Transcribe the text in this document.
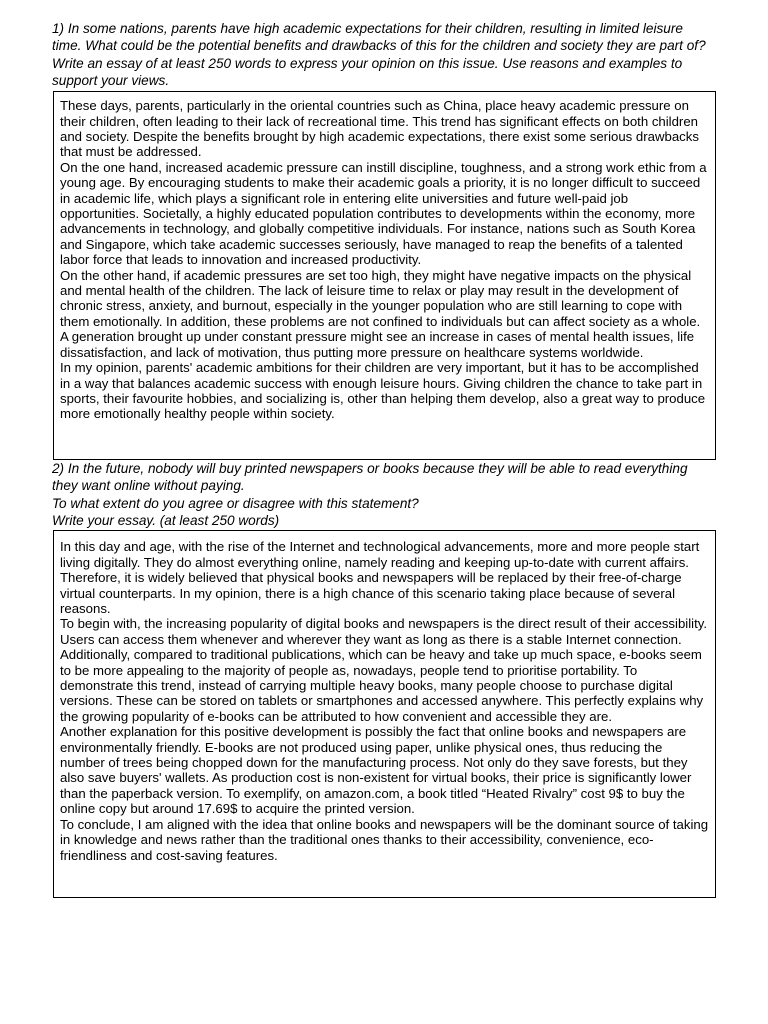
1) In some nations, parents have high academic expectations for their children, resulting in limited leisure time. What could be the potential benefits and drawbacks of this for the children and society they are part of?

Write an essay of at least 250 words to express your opinion on this issue. Use reasons and examples to support your views.

These days, parents, particularly in the oriental countries such as China, place heavy academic pressure on their children, often leading to their lack of recreational time. This trend has significant effects on both children and society. Despite the benefits brought by high academic expectations, there exist some serious drawbacks that must be addressed.

On the one hand, increased academic pressure can instill discipline, toughness, and a strong work ethic from a young age. By encouraging students to make their academic goals a priority, it is no longer difficult to succeed in academic life, which plays a significant role in entering elite universities and future well-paid job opportunities. Societally, a highly educated population contributes to developments within the economy, more advancements in technology, and globally competitive individuals. For instance, nations such as South Korea and Singapore, which take academic successes seriously, have managed to reap the benefits of a talented labor force that leads to innovation and increased productivity.

On the other hand, if academic pressures are set too high, they might have negative impacts on the physical and mental health of the children. The lack of leisure time to relax or play may result in the development of chronic stress, anxiety, and burnout, especially in the younger population who are still learning to cope with them emotionally. In addition, these problems are not confined to individuals but can affect society as a whole. A generation brought up under constant pressure might see an increase in cases of mental health issues, life dissatisfaction, and lack of motivation, thus putting more pressure on healthcare systems worldwide.

In my opinion, parents' academic ambitions for their children are very important, but it has to be accomplished in a way that balances academic success with enough leisure hours. Giving children the chance to take part in sports, their favourite hobbies, and socializing is, other than helping them develop, also a great way to produce more emotionally healthy people within society.

2) In the future, nobody will buy printed newspapers or books because they will be able to read everything they want online without paying.

To what extent do you agree or disagree with this statement?

Write your essay. (at least 250 words)

In this day and age, with the rise of the Internet and technological advancements, more and more people start living digitally. They do almost everything online, namely reading and keeping up-to-date with current affairs. Therefore, it is widely believed that physical books and newspapers will be replaced by their free-of-charge virtual counterparts. In my opinion, there is a high chance of this scenario taking place because of several reasons.

To begin with, the increasing popularity of digital books and newspapers is the direct result of their accessibility. Users can access them whenever and wherever they want as long as there is a stable Internet connection. Additionally, compared to traditional publications, which can be heavy and take up much space, e-books seem to be more appealing to the majority of people as, nowadays, people tend to prioritise portability. To demonstrate this trend, instead of carrying multiple heavy books, many people choose to purchase digital versions. These can be stored on tablets or smartphones and accessed anywhere. This perfectly explains why the growing popularity of e-books can be attributed to how convenient and accessible they are.

Another explanation for this positive development is possibly the fact that online books and newspapers are environmentally friendly. E-books are not produced using paper, unlike physical ones, thus reducing the number of trees being chopped down for the manufacturing process. Not only do they save forests, but they also save buyers' wallets. As production cost is non-existent for virtual books, their price is significantly lower than the paperback version. To exemplify, on amazon.com, a book titled “Heated Rivalry” cost 9$ to buy the online copy but around 17.69$ to acquire the printed version.

To conclude, I am aligned with the idea that online books and newspapers will be the dominant source of taking in knowledge and news rather than the traditional ones thanks to their accessibility, convenience, eco-friendliness and cost-saving features.
